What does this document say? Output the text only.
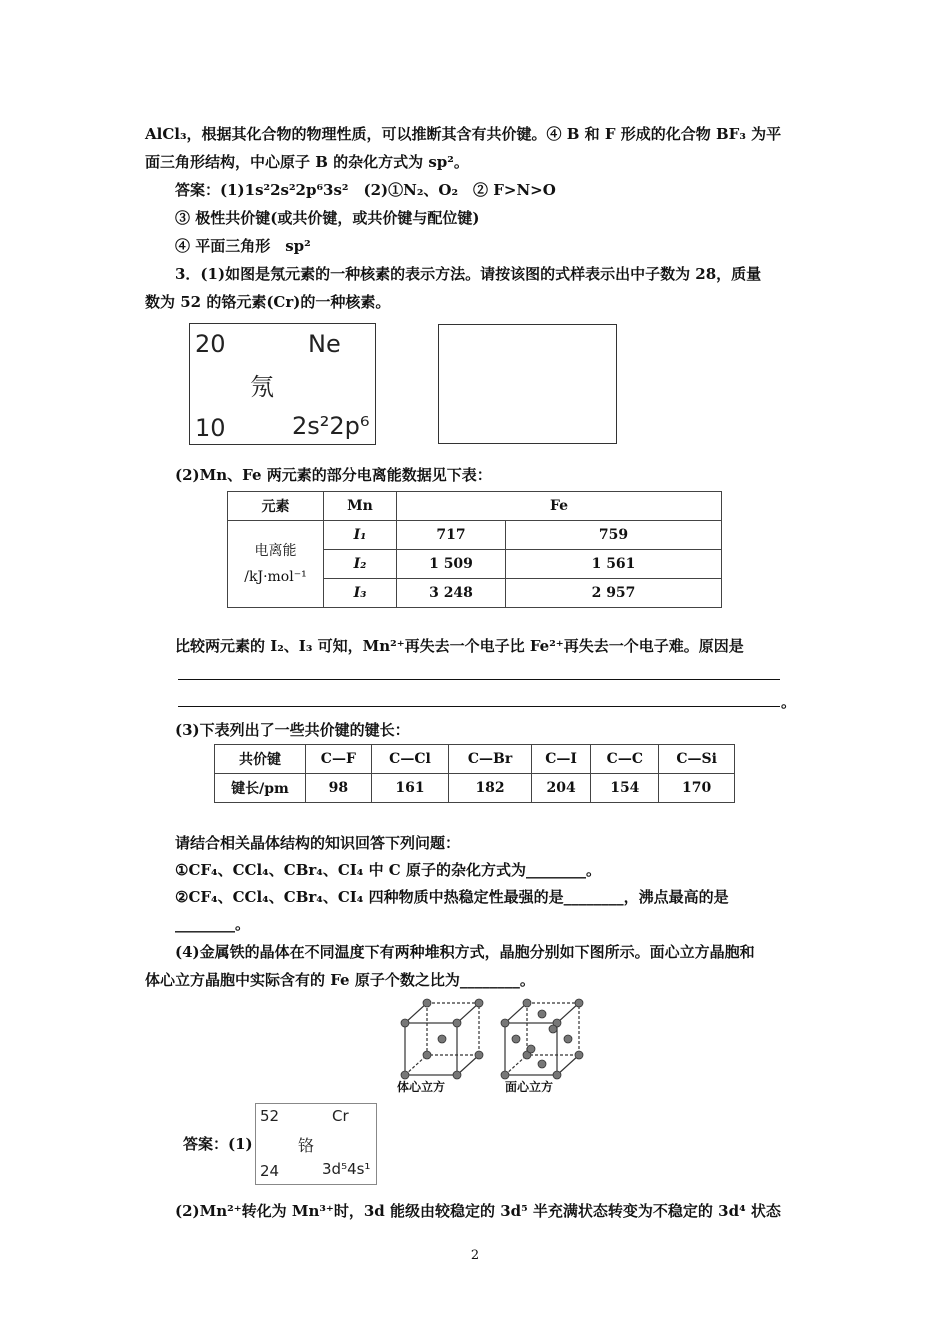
AlCl₃，根据其化合物的物理性质，可以推断其含有共价键。④ B 和 F 形成的化合物 BF₃ 为平
面三角形结构，中心原子 B 的杂化方式为 sp²。
答案：(1)1s²2s²2p⁶3s²　(2)①N₂、O₂　② F>N>O
③ 极性共价键(或共价键，或共价键与配位键)
④ 平面三角形　sp²
3．(1)如图是氖元素的一种核素的表示方法。请按该图的式样表示出中子数为 28，质量
数为 52 的铬元素(Cr)的一种核素。
20	Ne
氖
10	2s²2p⁶
(2)Mn、Fe 两元素的部分电离能数据见下表：
元素	Mn	Fe	

电离能
/kJ·mol⁻¹	I₁	717	759
	I₂	1 509	1 561
	I₃	3 248	2 957
比较两元素的 I₂、I₃ 可知，Mn²⁺再失去一个电子比 Fe²⁺再失去一个电子难。原因是
。
(3)下表列出了一些共价键的键长：
共价键	C—F	C—Cl	C—Br	C—I	C—C	C—Si
键长/pm	98	161	182	204	154	170
请结合相关晶体结构的知识回答下列问题：
①CF₄、CCl₄、CBr₄、CI₄ 中 C 原子的杂化方式为________。
②CF₄、CCl₄、CBr₄、CI₄ 四种物质中热稳定性最强的是________，沸点最高的是
________。
(4)金属铁的晶体在不同温度下有两种堆积方式，晶胞分别如下图所示。面心立方晶胞和
体心立方晶胞中实际含有的 Fe 原子个数之比为________。
体心立方	面心立方
答案：(1)
52	Cr
铬
24	3d⁵4s¹
(2)Mn²⁺转化为 Mn³⁺时，3d 能级由较稳定的 3d⁵ 半充满状态转变为不稳定的 3d⁴ 状态
2
